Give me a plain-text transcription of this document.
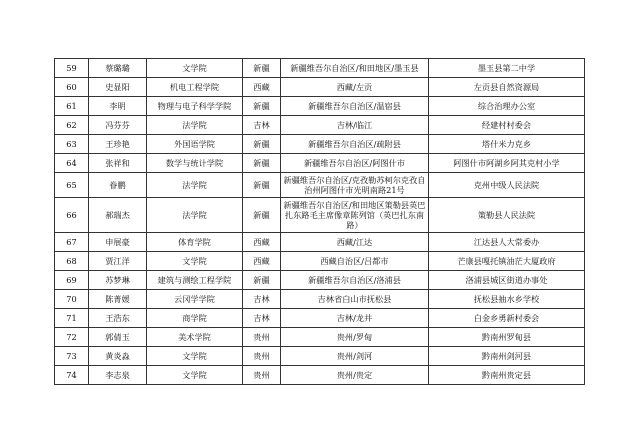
59	蔡璐璐	文学院	新疆	新疆维吾尔自治区/和田地区/墨玉县	墨玉县第二中学
60	史显阳	机电工程学院	西藏	西藏/左贡	左贡县自然资源局
61	李明	物理与电子科学学院	新疆	新疆维吾尔自治区/温宿县	综合治理办公室
62	冯芬芬	法学院	吉林	吉林/临江	经建村村委会
63	王珍艳	外国语学院	新疆	新疆维吾尔自治区/疏附县	塔什米力克乡
64	张祥和	数学与统计学院	新疆	新疆维吾尔自治区/阿图什市	阿图什市阿湖乡阿其克村小学
65	眷鹏	法学院	新疆	新疆维吾尔自治区/克孜勒苏柯尔克孜自治州阿图什市光明南路21号	克州中级人民法院
66	郝瑞杰	法学院	新疆	新疆维吾尔自治区/和田地区策勒县英巴扎东路毛主席像章陈列馆（英巴扎东南路）	策勒县人民法院
67	申展豪	体育学院	西藏	西藏/江达	江达县人大常委办
68	贾江洋	文学院	西藏	西藏自治区/吕都市	芒康县嘎托镇油茫大厦政府
69	苏梦琳	建筑与测绘工程学院	新疆	新疆维吾尔自治区/洛浦县	洛浦县城区街道办事处
70	陈菁媛	云冈学学院	吉林	吉林省白山市抚松县	抚松县抽水乡学校
71	王浩东	商学院	吉林	吉林/龙井	白金乡勇新村委会
72	郭倩玉	美术学院	贵州	贵州/罗甸	黔南州罗甸县
73	黄炎淼	文学院	贵州	贵州/剑河	黔南州剑河县
74	李志泉	文学院	贵州	贵州/贵定	黔南州贵定县
